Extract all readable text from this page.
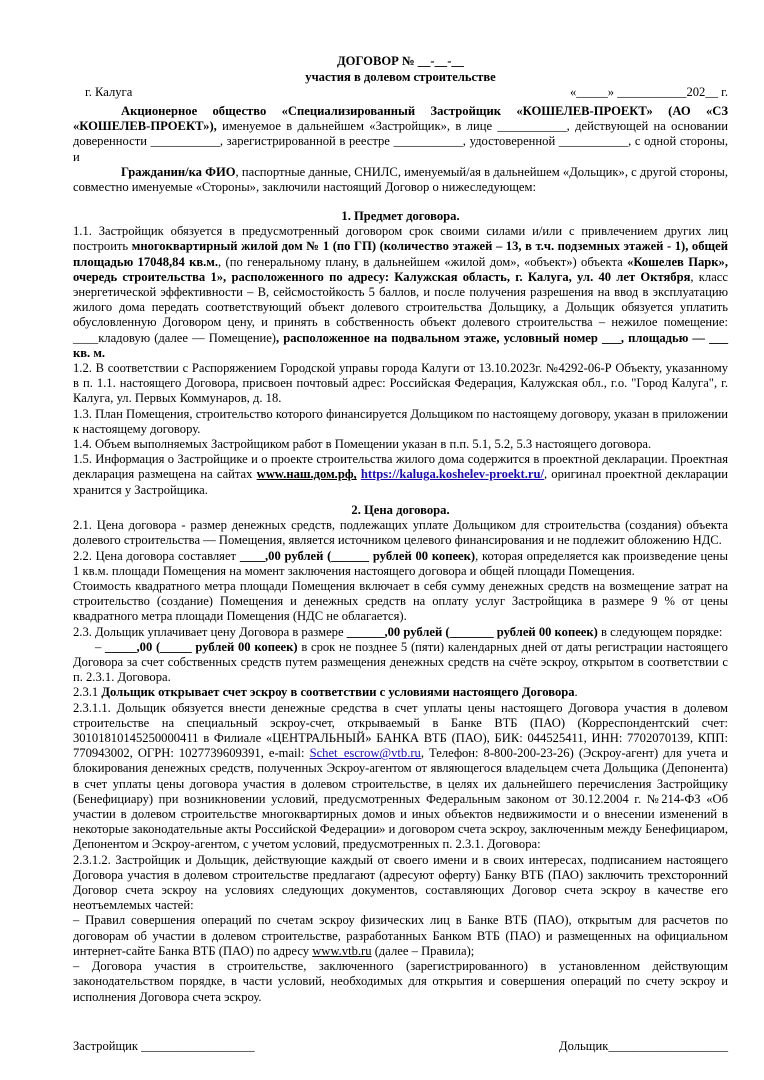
ДОГОВОР № __-__-__
участия в долевом строительстве
г. Калуга	«_____» ___________202__ г.

Акционерное общество «Специализированный Застройщик «КОШЕЛЕВ-ПРОЕКТ» (АО «СЗ «КОШЕЛЕВ-ПРОЕКТ»), именуемое в дальнейшем «Застройщик», в лице ___________, действующей на основании доверенности ___________, зарегистрированной в реестре ___________, удостоверенной ___________, с одной стороны, и

Гражданин/ка ФИО, паспортные данные, СНИЛС, именуемый/ая в дальнейшем «Дольщик», с другой стороны, совместно именуемые «Стороны», заключили настоящий Договор о нижеследующем:

1. Предмет договора.

1.1. Застройщик обязуется в предусмотренный договором срок своими силами и/или с привлечением других лиц построить многоквартирный жилой дом № 1 (по ГП) (количество этажей – 13, в т.ч. подземных этажей - 1), общей площадью 17048,84 кв.м., (по генеральному плану, в дальнейшем «жилой дом», «объект») объекта «Кошелев Парк», очередь строительства 1», расположенного по адресу: Калужская область, г. Калуга, ул. 40 лет Октября, класс энергетической эффективности – В, сейсмостойкость 5 баллов, и после получения разрешения на ввод в эксплуатацию жилого дома передать соответствующий объект долевого строительства Дольщику, а Дольщик обязуется уплатить обусловленную Договором цену, и принять в собственность объект долевого строительства – нежилое помещение: ____кладовую (далее — Помещение), расположенное на подвальном этаже, условный номер ___, площадью — ___ кв. м.

1.2. В соответствии с Распоряжением Городской управы города Калуги от 13.10.2023г. №4292-06-Р Объекту, указанному в п. 1.1. настоящего Договора, присвоен почтовый адрес: Российская Федерация, Калужская обл., г.о. "Город Калуга", г. Калуга, ул. Первых Коммунаров, д. 18.

1.3. План Помещения, строительство которого финансируется Дольщиком по настоящему договору, указан в приложении к настоящему договору.

1.4. Объем выполняемых Застройщиком работ в Помещении указан в п.п. 5.1, 5.2, 5.3 настоящего договора.

1.5. Информация о Застройщике и о проекте строительства жилого дома содержится в проектной декларации. Проектная декларация размещена на сайтах www.наш.дом.рф, https://kaluga.koshelev-proekt.ru/, оригинал проектной декларации хранится у Застройщика.

2. Цена договора.

2.1. Цена договора - размер денежных средств, подлежащих уплате Дольщиком для строительства (создания) объекта долевого строительства — Помещения, является источником целевого финансирования и не подлежит обложению НДС.

2.2. Цена договора составляет ____,00 рублей (______ рублей 00 копеек), которая определяется как произведение цены 1 кв.м. площади Помещения на момент заключения настоящего договора и общей площади Помещения.

Стоимость квадратного метра площади Помещения включает в себя сумму денежных средств на возмещение затрат на строительство (создание) Помещения и денежных средств на оплату услуг Застройщика в размере 9 % от цены квадратного метра площади Помещения (НДС не облагается).

2.3. Дольщик уплачивает цену Договора в размере ______,00 рублей (_______ рублей 00 копеек) в следующем порядке:

– _____,00 (_____ рублей 00 копеек) в срок не позднее 5 (пяти) календарных дней от даты регистрации настоящего Договора за счет собственных средств путем размещения денежных средств на счёте эскроу, открытом в соответствии с п. 2.3.1. Договора.

2.3.1 Дольщик открывает счет эскроу в соответствии с условиями настоящего Договора.

2.3.1.1. Дольщик обязуется внести денежные средства в счет уплаты цены настоящего Договора участия в долевом строительстве на специальный эскроу-счет, открываемый в Банке ВТБ (ПАО) (Корреспондентский счет: 30101810145250000411 в Филиале «ЦЕНТРАЛЬНЫЙ» БАНКА ВТБ (ПАО), БИК: 044525411, ИНН: 7702070139, КПП: 770943002, ОГРН: 1027739609391, e-mail: Schet_escrow@vtb.ru, Телефон: 8-800-200-23-26) (Эскроу-агент) для учета и блокирования денежных средств, полученных Эскроу-агентом от являющегося владельцем счета Дольщика (Депонента) в счет уплаты цены договора участия в долевом строительстве, в целях их дальнейшего перечисления Застройщику (Бенефициару) при возникновении условий, предусмотренных Федеральным законом от 30.12.2004 г. №214-ФЗ «Об участии в долевом строительстве многоквартирных домов и иных объектов недвижимости и о внесении изменений в некоторые законодательные акты Российской Федерации» и договором счета эскроу, заключенным между Бенефициаром, Депонентом и Эскроу-агентом, с учетом условий, предусмотренных п. 2.3.1. Договора:

2.3.1.2. Застройщик и Дольщик, действующие каждый от своего имени и в своих интересах, подписанием настоящего Договора участия в долевом строительстве предлагают (адресуют оферту) Банку ВТБ (ПАО) заключить трехсторонний Договор счета эскроу на условиях следующих документов, составляющих Договор счета эскроу в качестве его неотъемлемых частей:

– Правил совершения операций по счетам эскроу физических лиц в Банке ВТБ (ПАО), открытым для расчетов по договорам об участии в долевом строительстве, разработанных Банком ВТБ (ПАО) и размещенных на официальном интернет-сайте Банка ВТБ (ПАО) по адресу www.vtb.ru (далее – Правила);

– Договора участия в строительстве, заключенного (зарегистрированного) в установленном действующим законодательством порядке, в части условий, необходимых для открытия и совершения операций по счету эскроу и исполнения Договора счета эскроу.

Застройщик __________________	Дольщик___________________
